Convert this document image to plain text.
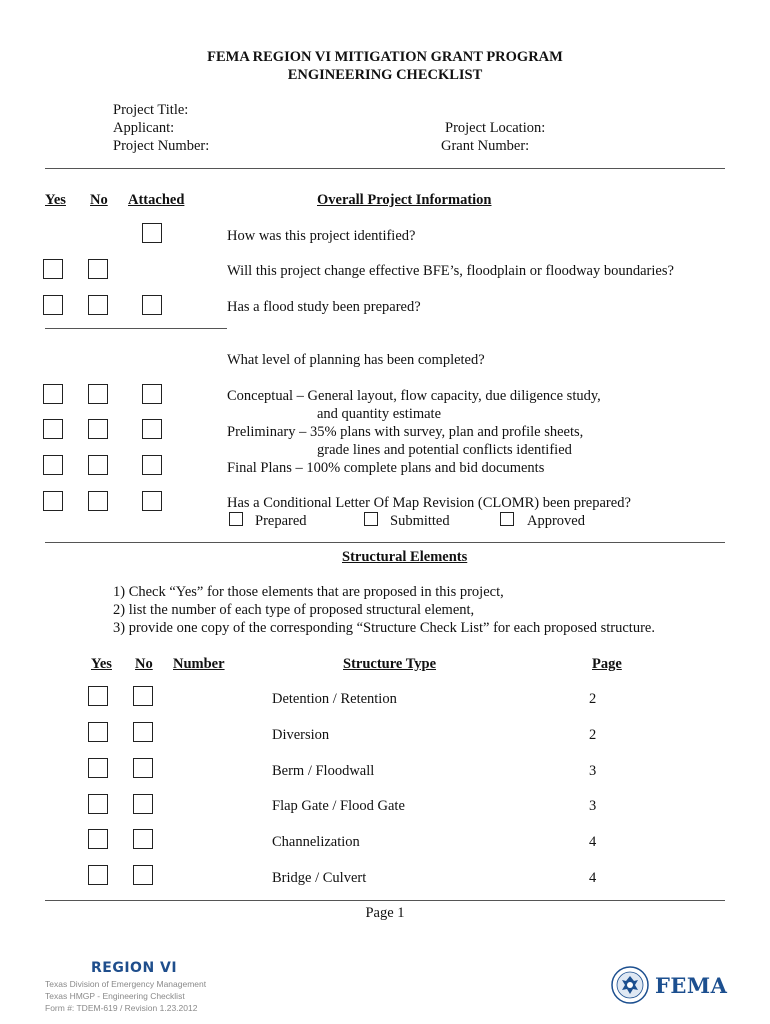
FEMA REGION VI MITIGATION GRANT PROGRAM
ENGINEERING CHECKLIST
Project Title:
Applicant:
Project Number:
Project Location:
Grant Number:
Yes No Attached	Overall Project Information
How was this project identified?
Will this project change effective BFE’s, floodplain or floodway boundaries?
Has a flood study been prepared?
What level of planning has been completed?
Conceptual – General layout, flow capacity, due diligence study,
and quantity estimate
Preliminary – 35% plans with survey, plan and profile sheets,
grade lines and potential conflicts identified
Final Plans – 100% complete plans and bid documents
Has a Conditional Letter Of Map Revision (CLOMR) been prepared?
Prepared	Submitted	Approved
Structural Elements
1) Check “Yes” for those elements that are proposed in this project,
2) list the number of each type of proposed structural element,
3) provide one copy of the corresponding “Structure Check List” for each proposed structure.
Yes No Number	Structure Type	Page
Detention / Retention	2
Diversion	2
Berm / Floodwall	3
Flap Gate / Flood Gate	3
Channelization	4
Bridge / Culvert	4
Page 1
REGION VI
Texas Division of Emergency Management
Texas HMGP - Engineering Checklist
Form #: TDEM-619 / Revision 1.23.2012
FEMA
